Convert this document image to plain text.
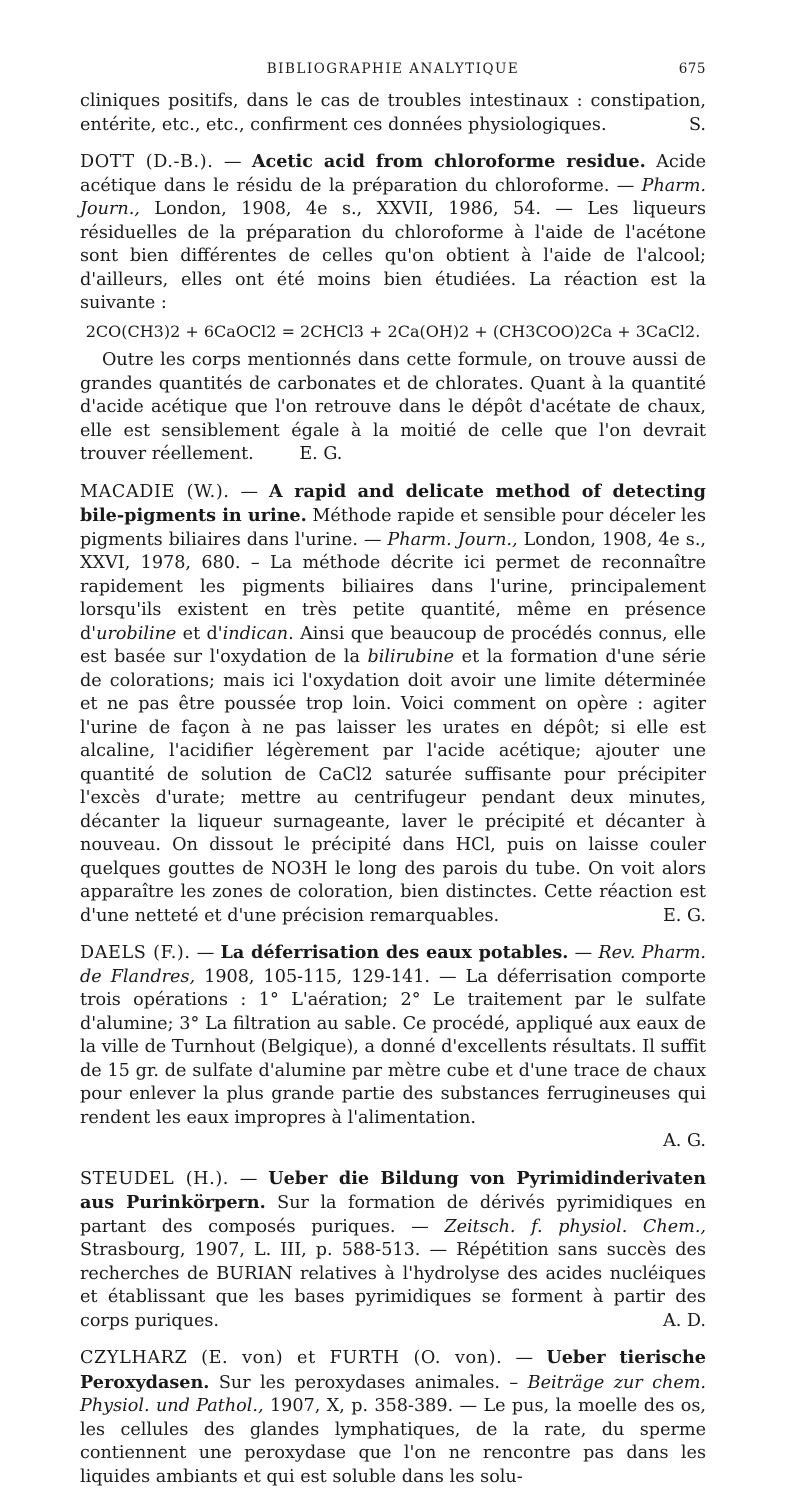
BIBLIOGRAPHIE ANALYTIQUE	675

cliniques positifs, dans le cas de troubles intestinaux : constipation, entérite, etc., etc., confirment ces données physiologiques.	S.

DOTT (D.-B.). — Acetic acid from chloroforme residue. Acide acétique dans le résidu de la préparation du chloroforme. — Pharm. Journ., London, 1908, 4e s., XXVII, 1986, 54. — Les liqueurs résiduelles de la préparation du chloroforme à l'aide de l'acétone sont bien différentes de celles qu'on obtient à l'aide de l'alcool; d'ailleurs, elles ont été moins bien étudiées. La réaction est la suivante :

2CO(CH3)2 + 6CaOCl2 = 2CHCl3 + 2Ca(OH)2 + (CH3COO)2Ca + 3CaCl2.

Outre les corps mentionnés dans cette formule, on trouve aussi de grandes quantités de carbonates et de chlorates. Quant à la quantité d'acide acétique que l'on retrouve dans le dépôt d'acétate de chaux, elle est sensiblement égale à la moitié de celle que l'on devrait trouver réellement.	E. G.

MACADIE (W.). — A rapid and delicate method of detecting bile-pigments in urine. Méthode rapide et sensible pour déceler les pigments biliaires dans l'urine. — Pharm. Journ., London, 1908, 4e s., XXVI, 1978, 680. – La méthode décrite ici permet de reconnaître rapidement les pigments biliaires dans l'urine, principalement lorsqu'ils existent en très petite quantité, même en présence d'urobiline et d'indican. Ainsi que beaucoup de procédés connus, elle est basée sur l'oxydation de la bilirubine et la formation d'une série de colorations; mais ici l'oxydation doit avoir une limite déterminée et ne pas être poussée trop loin. Voici comment on opère : agiter l'urine de façon à ne pas laisser les urates en dépôt; si elle est alcaline, l'acidifier légèrement par l'acide acétique; ajouter une quantité de solution de CaCl2 saturée suffisante pour précipiter l'excès d'urate; mettre au centrifugeur pendant deux minutes, décanter la liqueur surnageante, laver le précipité et décanter à nouveau. On dissout le précipité dans HCl, puis on laisse couler quelques gouttes de NO3H le long des parois du tube. On voit alors apparaître les zones de coloration, bien distinctes. Cette réaction est d'une netteté et d'une précision remarquables.	E. G.

DAELS (F.). — La déferrisation des eaux potables. — Rev. Pharm. de Flandres, 1908, 105-115, 129-141. — La déferrisation comporte trois opérations : 1° L'aération; 2° Le traitement par le sulfate d'alumine; 3° La filtration au sable. Ce procédé, appliqué aux eaux de la ville de Turnhout (Belgique), a donné d'excellents résultats. Il suffit de 15 gr. de sulfate d'alumine par mètre cube et d'une trace de chaux pour enlever la plus grande partie des substances ferrugineuses qui rendent les eaux impropres à l'alimentation.

A. G.

STEUDEL (H.). — Ueber die Bildung von Pyrimidinderivaten aus Purinkörpern. Sur la formation de dérivés pyrimidiques en partant des composés puriques. — Zeitsch. f. physiol. Chem., Strasbourg, 1907, L. III, p. 588-513. — Répétition sans succès des recherches de BURIAN relatives à l'hydrolyse des acides nucléiques et établissant que les bases pyrimidiques se forment à partir des corps puriques.	A. D.

CZYLHARZ (E. von) et FURTH (O. von). — Ueber tierische Peroxydasen. Sur les peroxydases animales. – Beiträge zur chem. Physiol. und Pathol., 1907, X, p. 358-389. — Le pus, la moelle des os, les cellules des glandes lymphatiques, de la rate, du sperme contiennent une peroxydase que l'on ne rencontre pas dans les liquides ambiants et qui est soluble dans les solu-
